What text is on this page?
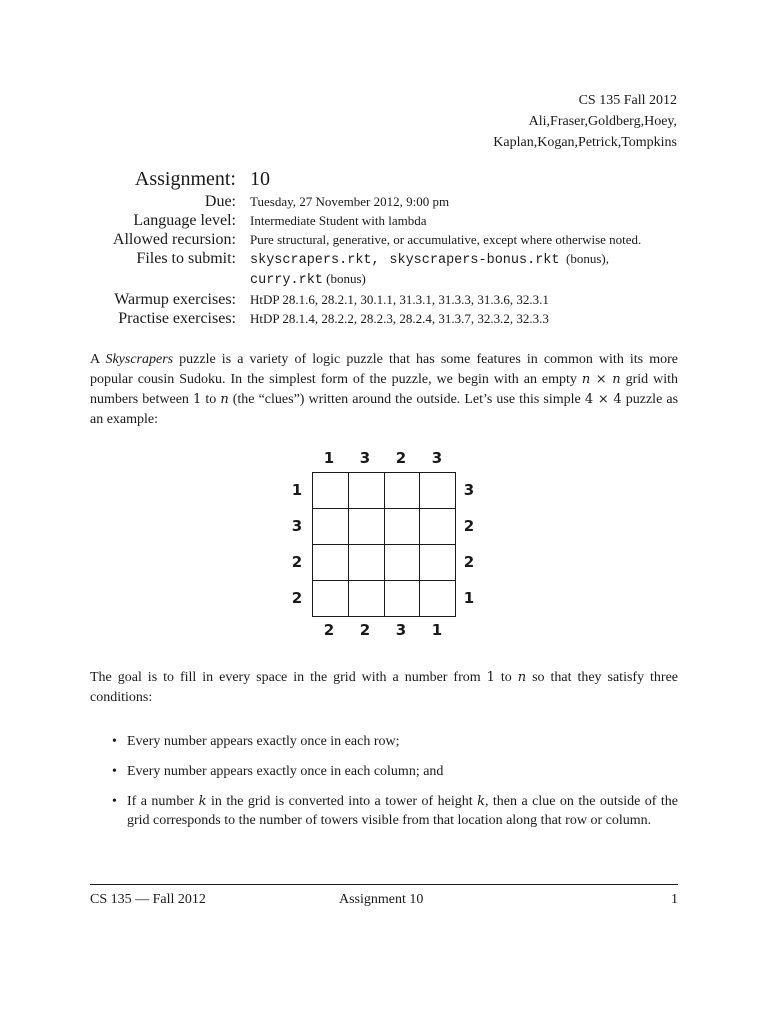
CS 135 Fall 2012
Ali,Fraser,Goldberg,Hoey,
Kaplan,Kogan,Petrick,Tompkins
Assignment: 10
Due:	Tuesday, 27 November 2012, 9:00 pm
Language level:	Intermediate Student with lambda
Allowed recursion:	Pure structural, generative, or accumulative, except where otherwise noted.
Files to submit:	skyscrapers.rkt, skyscrapers-bonus.rkt (bonus),
curry.rkt (bonus)
Warmup exercises:	HtDP 28.1.6, 28.2.1, 30.1.1, 31.3.1, 31.3.3, 31.3.6, 32.3.1
Practise exercises:	HtDP 28.1.4, 28.2.2, 28.2.3, 28.2.4, 31.3.7, 32.3.2, 32.3.3

A Skyscrapers puzzle is a variety of logic puzzle that has some features in common with its more popular cousin Sudoku. In the simplest form of the puzzle, we begin with an empty n × n grid with numbers between 1 to n (the “clues”) written around the outside. Let’s use this simple 4 × 4 puzzle as an example:

1	3	2	3
1
3
2
2
3
2
2
1

2	2	3	1

The goal is to fill in every space in the grid with a number from 1 to n so that they satisfy three conditions:

• Every number appears exactly once in each row;
• Every number appears exactly once in each column; and
• If a number k in the grid is converted into a tower of height k, then a clue on the outside of the grid corresponds to the number of towers visible from that location along that row or column.
CS 135 — Fall 2012	Assignment 10	1
